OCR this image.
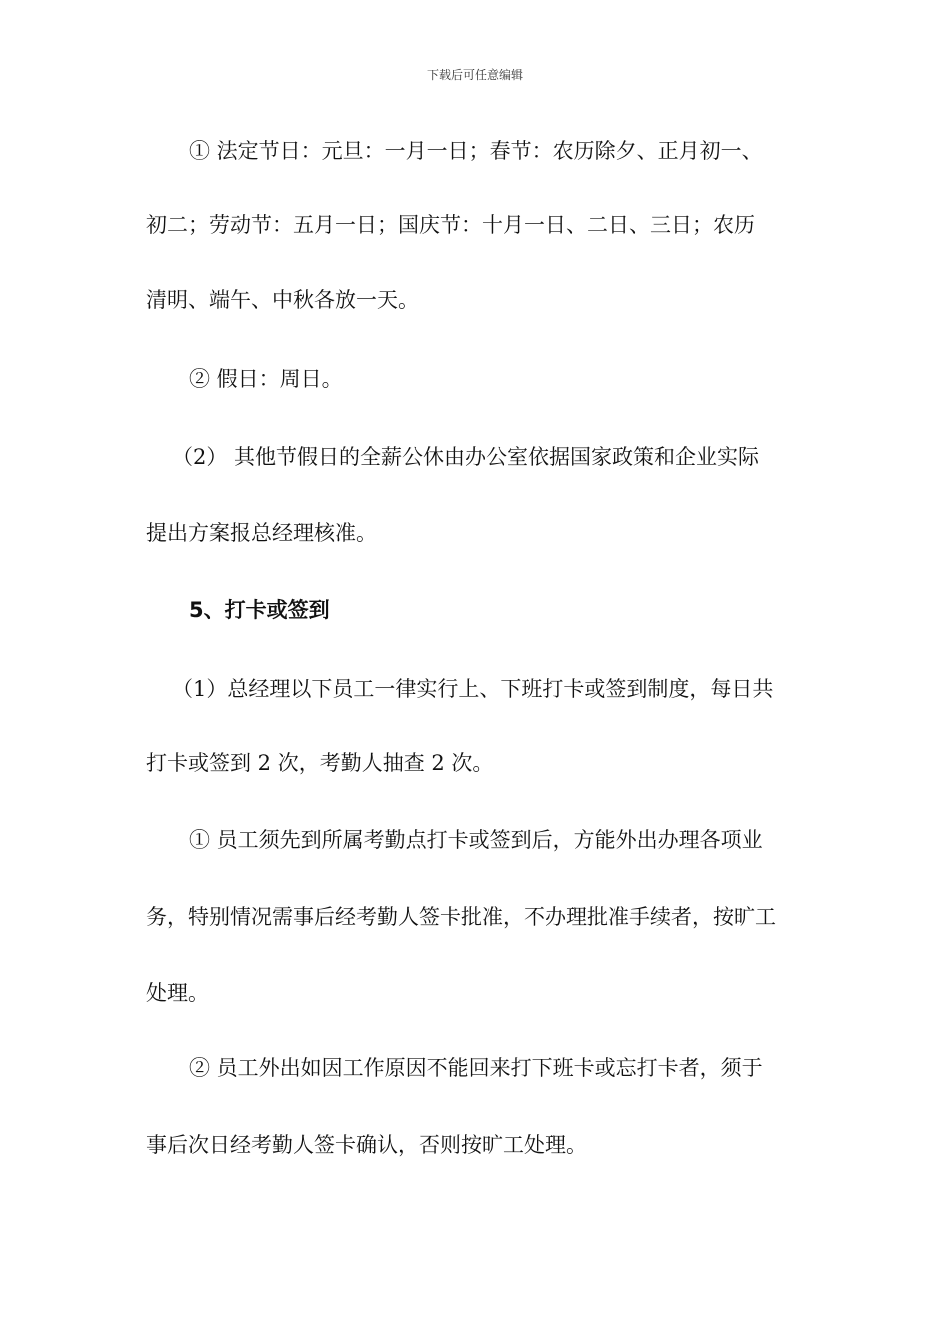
下载后可任意编辑
① 法定节日：元旦：一月一日；春节：农历除夕、正月初一、
初二；劳动节：五月一日；国庆节：十月一日、二日、三日；农历
清明、端午、中秋各放一天。
② 假日：周日。
（2） 其他节假日的全薪公休由办公室依据国家政策和企业实际
提出方案报总经理核准。
5、打卡或签到
（1）总经理以下员工一律实行上、下班打卡或签到制度，每日共
打卡或签到 2 次，考勤人抽查 2 次。
① 员工须先到所属考勤点打卡或签到后，方能外出办理各项业
务，特别情况需事后经考勤人签卡批准，不办理批准手续者，按旷工
处理。
② 员工外出如因工作原因不能回来打下班卡或忘打卡者，须于
事后次日经考勤人签卡确认，否则按旷工处理。
